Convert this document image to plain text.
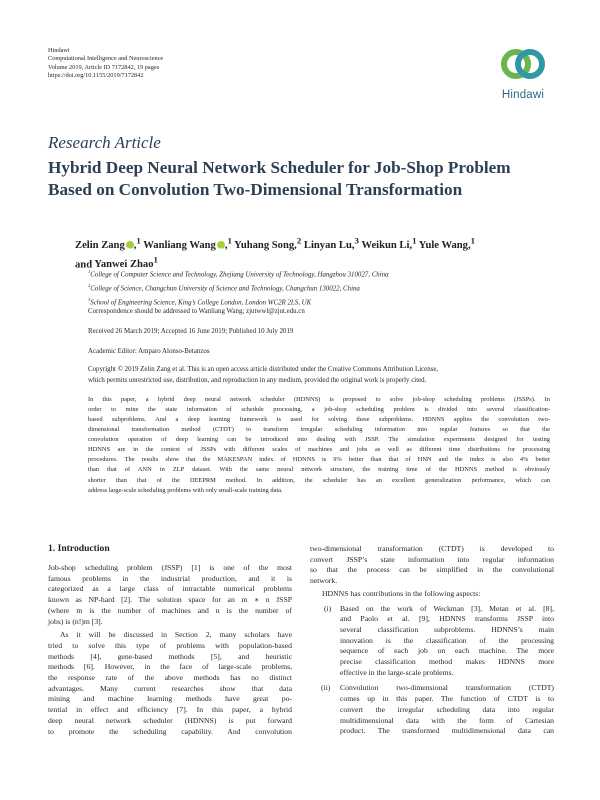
Hindawi
Computational Intelligence and Neuroscience
Volume 2019, Article ID 7172842, 19 pages
https://doi.org/10.1155/2019/7172842
Hindawi
Research Article
Hybrid Deep Neural Network Scheduler for Job-Shop Problem
Based on Convolution Two-Dimensional Transformation
Zelin Zang iD ,$^1$ Wanliang Wang iD ,$^1$ Yuhang Song,$^2$ Linyan Lu,$^3$ Weikun Li,$^1$ Yule Wang,$^1$
and Yanwei Zhao$^1$
$^1$College of Computer Science and Technology, Zhejiang University of Technology, Hangzhou 310027, China
$^2$College of Science, Changchun University of Science and Technology, Changchun 130022, China
$^3$School of Engineering Science, King’s College London, London WC2R 2LS, UK
Correspondence should be addressed to Wanliang Wang; zjutwwl@zjut.edu.cn
Received 26 March 2019; Accepted 16 June 2019; Published 10 July 2019
Academic Editor: Amparo Alonso-Betanzos
Copyright © 2019 Zelin Zang et al. This is an open access article distributed under the Creative Commons Attribution License,
which permits unrestricted use, distribution, and reproduction in any medium, provided the original work is properly cited.
In this paper, a hybrid deep neural network scheduler (HDNNS) is proposed to solve job-shop scheduling problems (JSSPs). In
order to mine the state information of schedule processing, a job-shop scheduling problem is divided into several classification-
based subproblems. And a deep learning framework is used for solving these subproblems. HDNNS applies the convolution two-
dimensional transformation method (CTDT) to transform irregular scheduling information into regular features so that the
convolution operation of deep learning can be introduced into dealing with JSSP. The simulation experiments designed for testing
HDNNS are in the context of JSSPs with different scales of machines and jobs as well as different time distributions for processing
procedures. The results show that the MAKESPAN index of HDNNS is 9% better than that of HNN and the index is also 4% better
than that of ANN in ZLP dataset. With the same neural network structure, the training time of the HDNNS method is obviously
shorter than that of the DEEPRM method. In addition, the scheduler has an excellent generalization performance, which can
address large-scale scheduling problems with only small-scale training data.
1. Introduction
Job-shop scheduling problem (JSSP) [1] is one of the most
famous problems in the industrial production, and it is
categorized as a large class of intractable numerical problems
known as NP-hard [2]. The solution space for an m ∗ n JSSP
(where m is the number of machines and n is the number of
jobs) is (n!)m [3].
As it will be discussed in Section 2, many scholars have
tried to solve this type of problems with population-based
methods [4], gene-based methods [5], and heuristic
methods [6]. However, in the face of large-scale problems,
the response rate of the above methods has no distinct
advantages. Many current researches show that data
mining and machine learning methods have great po-
tential in effect and efficiency [7]. In this paper, a hybrid
deep neural network scheduler (HDNNS) is put forward
to promote the scheduling capability. And convolution
two-dimensional transformation (CTDT) is developed to
convert JSSP’s state information into regular information
so that the process can be simplified in the convolutional
network.
HDNNS has contributions in the following aspects:
(i) Based on the work of Weckman [3], Metan et al. [8],
and Paolo et al. [9], HDNNS transforms JSSP into
several classification subproblems. HDNNS’s main
innovation is the classification of the processing
sequence of each job on each machine. The more
precise classification method makes HDNNS more
effective in the large-scale problems.
(ii) Convolution two-dimensional transformation (CTDT)
comes up in this paper. The function of CTDT is to
convert the irregular scheduling data into regular
multidimensional data with the form of Cartesian
product. The transformed multidimensional data can
